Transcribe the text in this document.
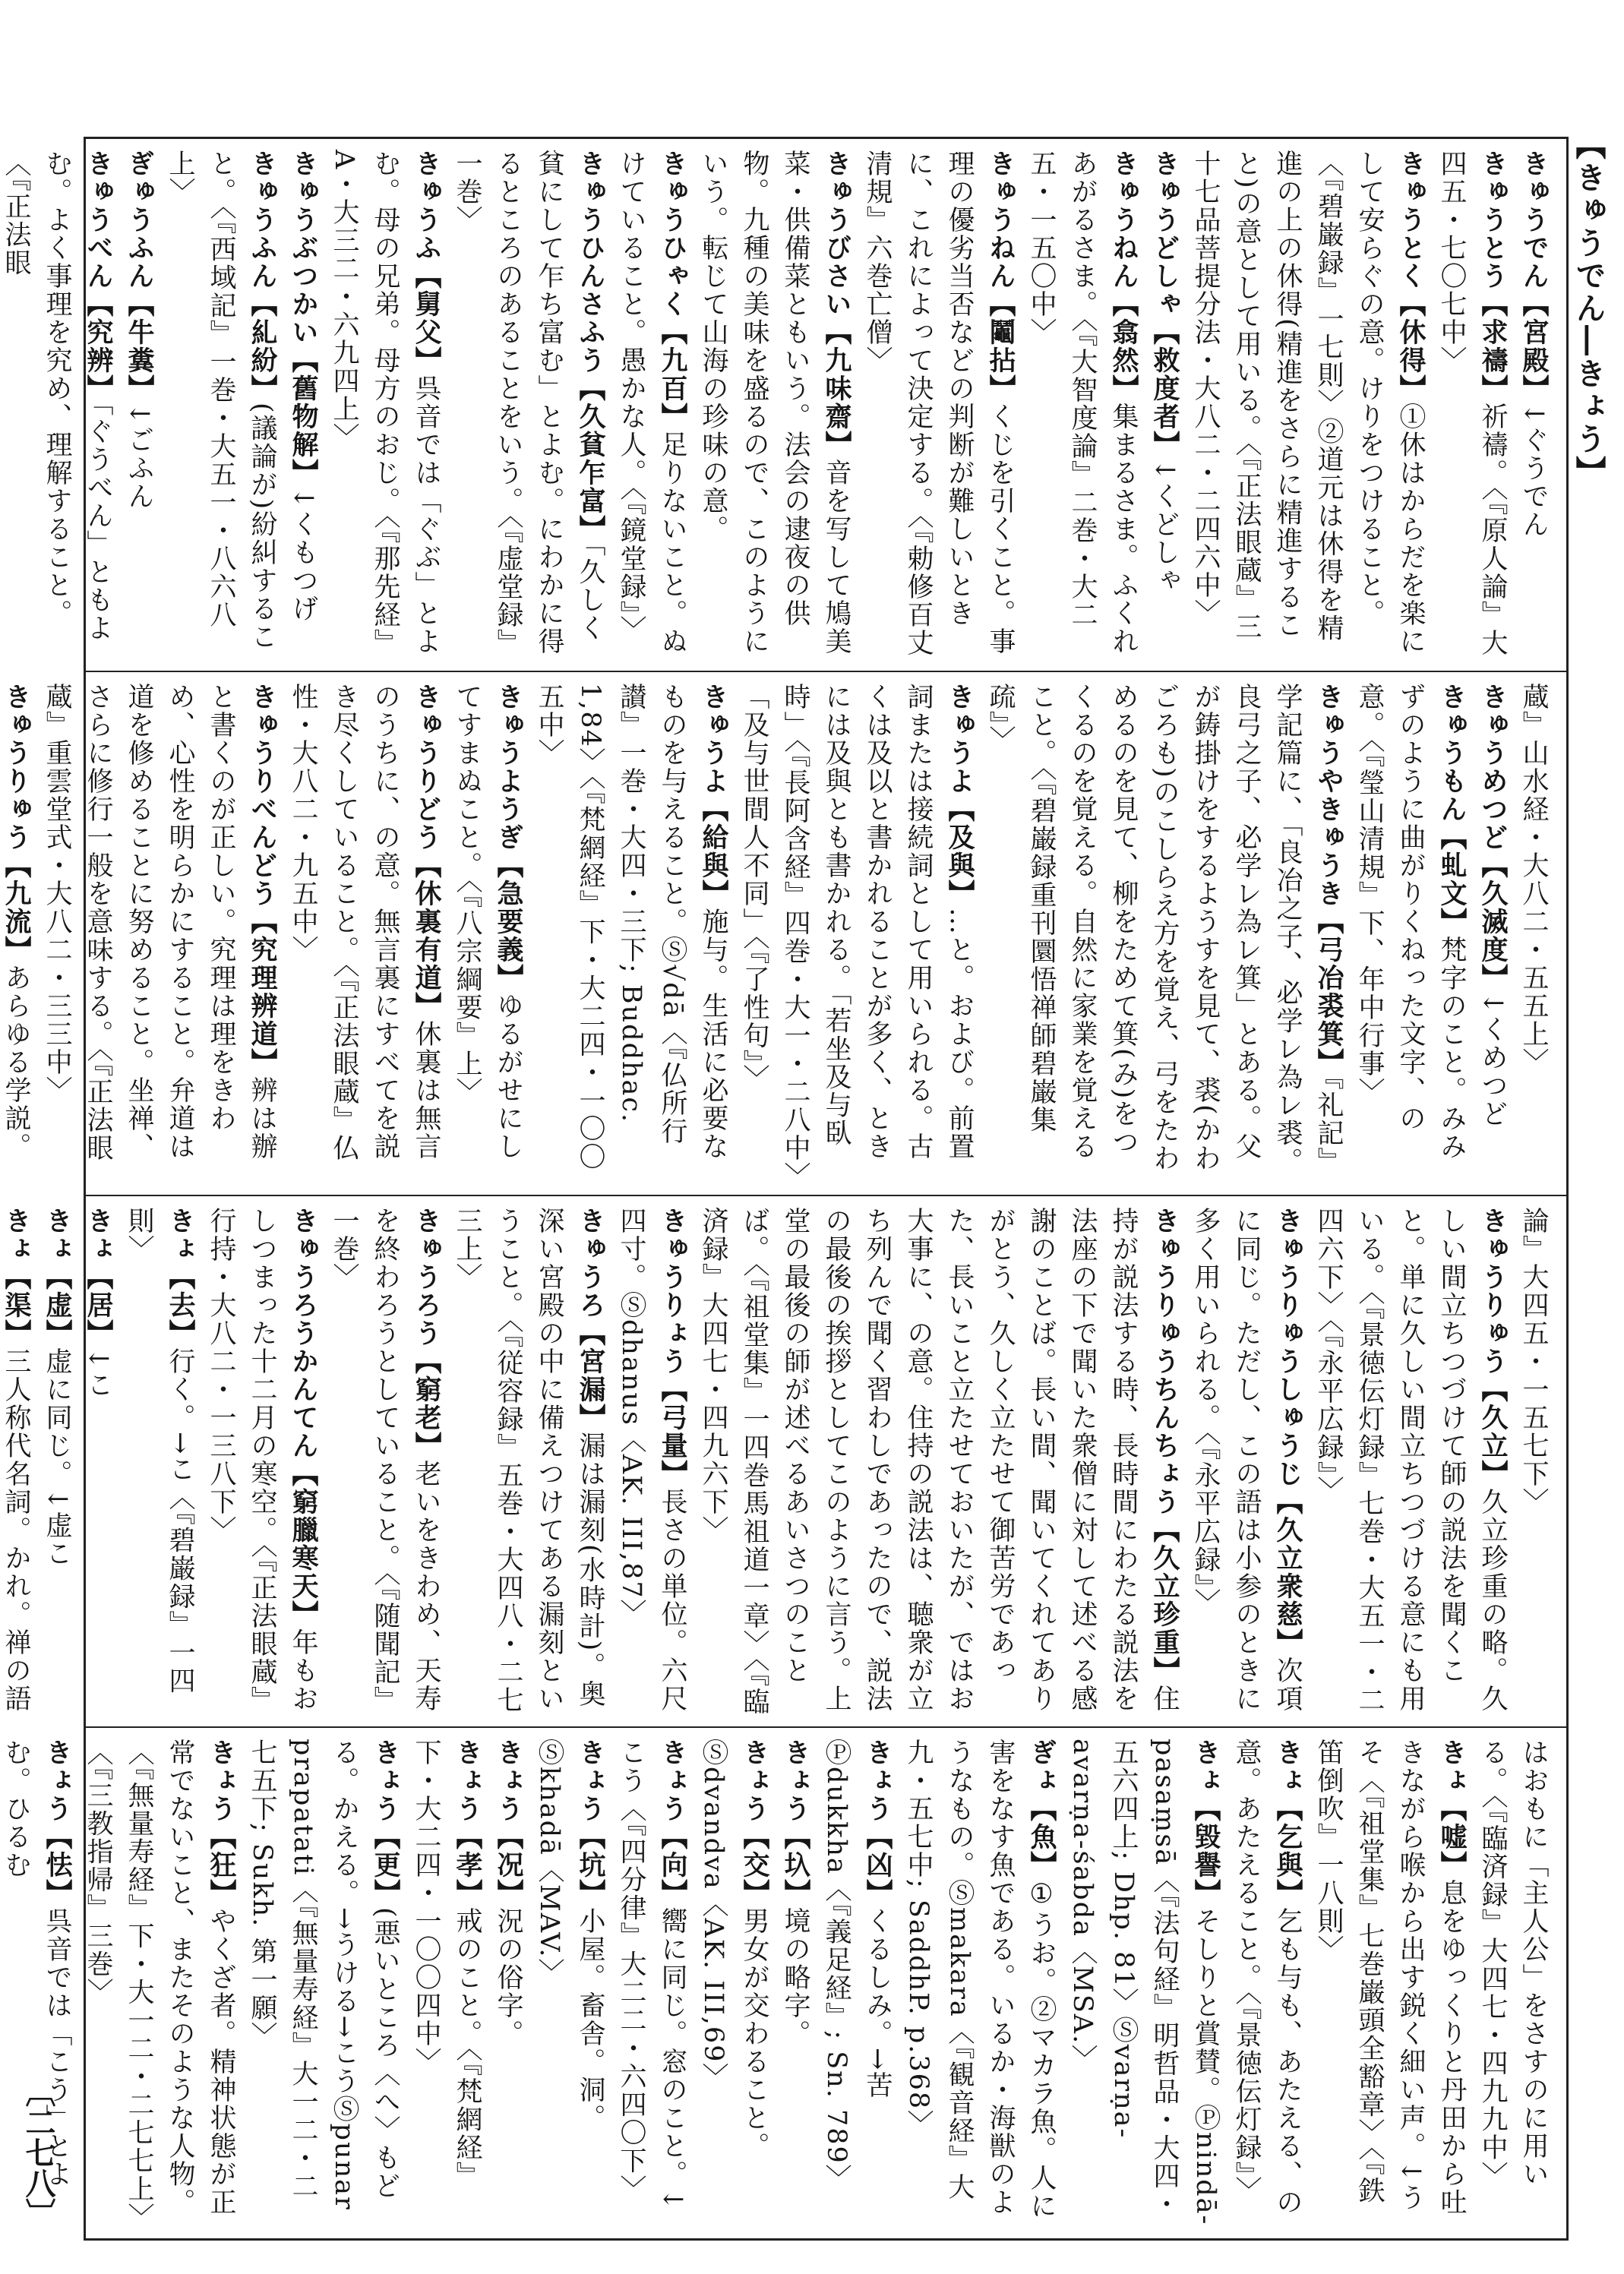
【きゅうでん―きょう】
きゅうでん【宮殿】↓ぐうでん
きゅうとう【求禱】祈禱。〈『原人論』大四五・七〇七中〉
きゅうとく【休得】①休はからだを楽にして安らぐの意。けりをつけること。〈『碧巌録』一七則〉②道元は休得を精進の上の休得(精進をさらに精進すること)の意として用いる。〈『正法眼蔵』三十七品菩提分法・大八二・二四六中〉
きゅうどしゃ【救度者】↓くどしゃ
きゅうねん【翕然】集まるさま。ふくれあがるさま。〈『大智度論』二巻・大二五・一五〇中〉
きゅうねん【鬮拈】くじを引くこと。事理の優劣当否などの判断が難しいときに、これによって決定する。〈『勅修百丈清規』六巻亡僧〉
きゅうびさい【九味齋】音を写して鳩美菜・供備菜ともいう。法会の逮夜の供物。九種の美味を盛るので、このようにいう。転じて山海の珍味の意。
きゅうひゃく【九百】足りないこと。ぬけていること。愚かな人。〈『鏡堂録』〉
きゅうひんさふう【久貧乍富】「久しく貧にして乍ち富む」とよむ。にわかに得るところのあることをいう。〈『虚堂録』一巻〉
きゅうふ【舅父】呉音では「ぐぶ」とよむ。母の兄弟。母方のおじ。〈『那先経』A・大三二・六九四上〉
きゅうぶつかい【舊物解】↓くもつげ
きゅうふん【糺紛】(議論が)紛糾すること。〈『西域記』一巻・大五一・八六八上〉
ぎゅうふん【牛糞】↓ごふん
きゅうべん【究辨】「ぐうべん」ともよむ。よく事理を究め、理解すること。〈『正法眼
蔵』山水経・大八二・五五上〉
きゅうめつど【久滅度】↓くめつど
きゅうもん【虬文】梵字のこと。みみずのように曲がりくねった文字、の意。〈『瑩山清規』下、年中行事〉
きゅうやきゅうき【弓冶裘箕】『礼記』学記篇に、「良冶之子、必学レ為レ裘。良弓之子、必学レ為レ箕」とある。父が鋳掛けをするようすを見て、裘(かわごろも)のこしらえ方を覚え、弓をたわめるのを見て、柳をためて箕(み)をつくるのを覚える。自然に家業を覚えること。〈『碧巌録重刊圜悟禅師碧巌集疏』〉
きゅうよ【及與】…と。および。前置詞または接続詞として用いられる。古くは及以と書かれることが多く、ときには及與とも書かれる。「若坐及与臥時」〈『長阿含経』四巻・大一・二八中〉「及与世間人不同」〈『了性句』〉
きゅうよ【給與】施与。生活に必要なものを与えること。Ⓢ√dā〈『仏所行讃』一巻・大四・三下; Buddhac. 1,84〉〈『梵網経』下・大二四・一〇〇五中〉
きゅうようぎ【急要義】ゆるがせにしてすまぬこと。〈『八宗綱要』上〉
きゅうりどう【休裏有道】休裏は無言のうちに、の意。無言裏にすべてを説き尽くしていること。〈『正法眼蔵』仏性・大八二・九五中〉
きゅうりべんどう【究理辨道】辨は辦と書くのが正しい。究理は理をきわめ、心性を明らかにすること。弁道は道を修めることに努めること。坐禅、さらに修行一般を意味する。〈『正法眼蔵』重雲堂式・大八二・三三中〉
きゅうりゅう【九流】あらゆる学説。
論』大四五・一五七下〉
きゅうりゅう【久立】久立珍重の略。久しい間立ちつづけて師の説法を聞くこと。単に久しい間立ちつづける意にも用いる。〈『景徳伝灯録』七巻・大五一・二四六下〉〈『永平広録』〉
きゅうりゅうしゅうじ【久立衆慈】次項に同じ。ただし、この語は小参のときに多く用いられる。〈『永平広録』〉
きゅうりゅうちんちょう【久立珍重】住持が説法する時、長時間にわたる説法を法座の下で聞いた衆僧に対して述べる感謝のことば。長い間、聞いてくれてありがとう、久しく立たせて御苦労であった、長いこと立たせておいたが、ではお大事に、の意。住持の説法は、聴衆が立ち列んで聞く習わしであったので、説法の最後の挨拶としてこのように言う。上堂の最後の師が述べるあいさつのことば。〈『祖堂集』一四巻馬祖道一章〉〈『臨済録』大四七・四九六下〉
きゅうりょう【弓量】長さの単位。六尺四寸。Ⓢdhanus〈AK. III,87〉
きゅうろ【宮漏】漏は漏刻(水時計)。奥深い宮殿の中に備えつけてある漏刻ということ。〈『従容録』五巻・大四八・二七三上〉
きゅうろう【窮老】老いをきわめ、天寿を終わろうとしていること。〈『随聞記』一巻〉
きゅうろうかんてん【窮臘寒天】年もおしつまった十二月の寒空。〈『正法眼蔵』行持・大八二・一三八下〉
きょ【去】行く。→こ〈『碧巌録』一四則〉
きょ【居】↓こ
きょ【虚】虚に同じ。↓虚こ
きょ【渠】三人称代名詞。かれ。禅の語
はおもに「主人公」をさすのに用いる。〈『臨済録』大四七・四九九中〉
きょ【嘘】息をゆっくりと丹田から吐きながら喉から出す鋭く細い声。↓うそ〈『祖堂集』七巻巌頭全豁章〉〈『鉄笛倒吹』一八則〉
きょ【乞與】乞も与も、あたえる、の意。あたえること。〈『景徳伝灯録』〉
きょ【毀譽】そしりと賞賛。Ⓟnindā-pasaṃsā〈『法句経』明哲品・大四・五六四上; Dhp. 81〉Ⓢvarṇa-avarṇa-śabda〈MSA.〉
ぎょ【魚】①うお。②マカラ魚。人に害をなす魚である。いるか・海獣のようなもの。Ⓢmakara〈『観音経』大九・五七中; SaddhP. p.368〉
きょう【凶】くるしみ。→苦Ⓟdukkha〈『義足経』; Sn. 789〉
きょう【圦】境の略字。
きょう【交】男女が交わること。Ⓢdvandva〈AK. III,69〉
きょう【向】嚮に同じ。窓のこと。↓こう〈『四分律』大二二・六四〇下〉
きょう【坑】小屋。畜舎。洞。Ⓢkhadā〈MAV.〉
きょう【况】況の俗字。
きょう【孝】戒のこと。〈『梵網経』下・大二四・一〇〇四中〉
きょう【更】(悪いところ〈へ〉もどる。かえる。→うける→こうⓈpunar prapatati〈『無量寿経』大一二・二七五下; Sukh. 第一願〉
きょう【狂】やくざ者。精神状態が正常でないこと、またそのような人物。〈『無量寿経』下・大一二・二七七上〉〈『三教指帰』三巻〉
きょう【怯】呉音では「こう」とよむ。ひるむ
〔二七八〕
